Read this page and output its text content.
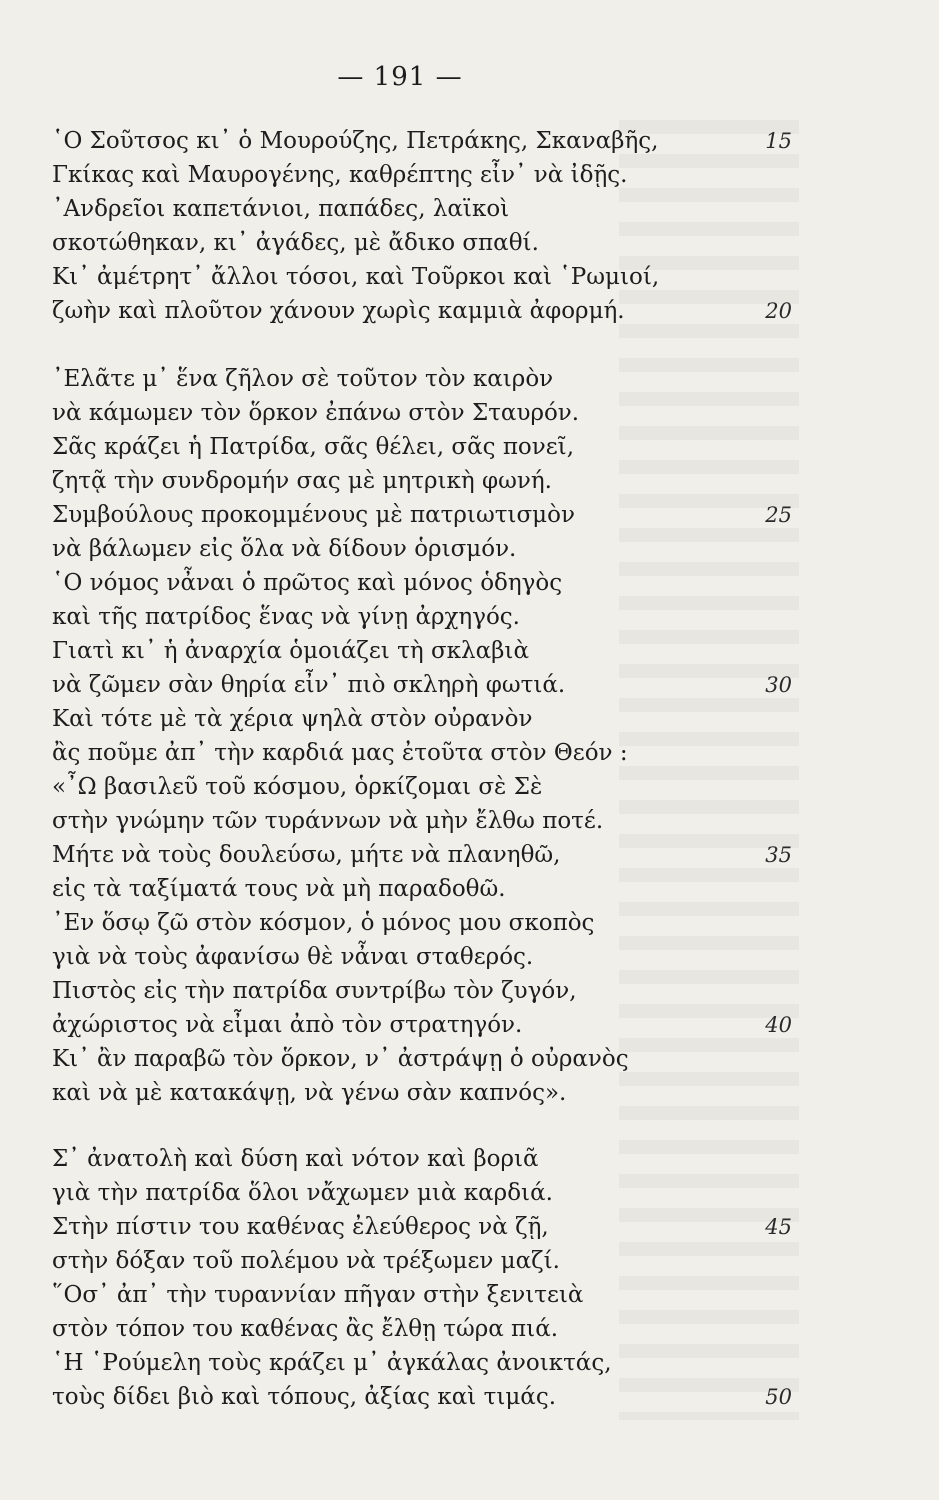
— 191 —
῾Ο Σοῦτσος κι᾿ ὁ Μουρούζης, Πετράκης, Σκαναβῆς,	15
Γκίκας καὶ Μαυρογένης, καθρέπτης εἶν᾿ νὰ ἰδῇς.
᾿Ανδρεῖοι καπετάνιοι, παπάδες, λαϊκοὶ
σκοτώθηκαν, κι᾿ ἀγάδες, μὲ ἄδικο σπαθί.
Κι᾿ ἀμέτρητ᾿ ἄλλοι τόσοι, καὶ Τοῦρκοι καὶ ῾Ρωμιοί,
ζωὴν καὶ πλοῦτον χάνουν χωρὶς καμμιὰ ἀφορμή.	20
᾿Ελᾶτε μ᾿ ἕνα ζῆλον σὲ τοῦτον τὸν καιρὸν
νὰ κάμωμεν τὸν ὅρκον ἐπάνω στὸν Σταυρόν.
Σᾶς κράζει ἡ Πατρίδα, σᾶς θέλει, σᾶς πονεῖ,
ζητᾷ τὴν συνδρομήν σας μὲ μητρικὴ φωνή.
Συμβούλους προκομμένους μὲ πατριωτισμὸν	25
νὰ βάλωμεν εἰς ὅλα νὰ δίδουν ὁρισμόν.
῾Ο νόμος νἆναι ὁ πρῶτος καὶ μόνος ὁδηγὸς
καὶ τῆς πατρίδος ἕνας νὰ γίνῃ ἀρχηγός.
Γιατὶ κι᾿ ἡ ἀναρχία ὁμοιάζει τὴ σκλαβιὰ
νὰ ζῶμεν σὰν θηρία εἶν᾿ πιὸ σκληρὴ φωτιά.	30
Καὶ τότε μὲ τὰ χέρια ψηλὰ στὸν οὐρανὸν
ἂς ποῦμε ἀπ᾿ τὴν καρδιά μας ἐτοῦτα στὸν Θεόν :
«῏Ω βασιλεῦ τοῦ κόσμου, ὁρκίζομαι σὲ Σὲ
στὴν γνώμην τῶν τυράννων νὰ μὴν ἔλθω ποτέ.
Μήτε νὰ τοὺς δουλεύσω, μήτε νὰ πλανηθῶ,	35
εἰς τὰ ταξίματά τους νὰ μὴ παραδοθῶ.
᾿Εν ὅσῳ ζῶ στὸν κόσμον, ὁ μόνος μου σκοπὸς
γιὰ νὰ τοὺς ἀφανίσω θὲ νἆναι σταθερός.
Πιστὸς εἰς τὴν πατρίδα συντρίβω τὸν ζυγόν,
ἀχώριστος νὰ εἶμαι ἀπὸ τὸν στρατηγόν.	40
Κι᾿ ἂν παραβῶ τὸν ὅρκον, ν᾿ ἀστράψῃ ὁ οὐρανὸς
καὶ νὰ μὲ κατακάψῃ, νὰ γένω σὰν καπνός».
Σ᾿ ἀνατολὴ καὶ δύση καὶ νότον καὶ βοριᾶ
γιὰ τὴν πατρίδα ὅλοι νἄχωμεν μιὰ καρδιά.
Στὴν πίστιν του καθένας ἐλεύθερος νὰ ζῇ,	45
στὴν δόξαν τοῦ πολέμου νὰ τρέξωμεν μαζί.
῞Οσ᾿ ἀπ᾿ τὴν τυραννίαν πῆγαν στὴν ξενιτειὰ
στὸν τόπον του καθένας ἂς ἔλθῃ τώρα πιά.
῾Η ῾Ρούμελη τοὺς κράζει μ᾿ ἀγκάλας ἀνοικτάς,
τοὺς δίδει βιὸ καὶ τόπους, ἀξίας καὶ τιμάς.	50
